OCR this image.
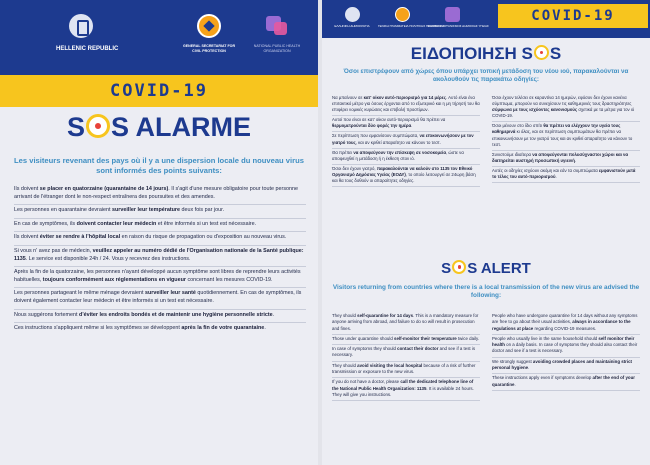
HELLENIC REPUBLIC	GENERAL SECRETARIAT FOR CIVIL PROTECTION
NATIONAL PUBLIC HEALTH ORGANIZATION
COVID-19
S S ALARME
Les visiteurs revenant des pays où il y a une dispersion locale du nouveau virus sont informés des points suivants:
Ils doivent se placer en quatorzaine (quarantaine de 14 jours). Il s'agit d'une mesure obligatoire pour toute personne arrivant de l'étranger dont le non-respect entraînera des poursuites et des amendes.
Les personnes en quarantaine devraient surveiller leur température deux fois par jour.
En cas de symptômes, ils doivent contacter leur médecin et être informés si un test est nécessaire.
Ils doivent éviter se rendre à l'hôpital local en raison du risque de propagation ou d'exposition au nouveau virus.
Si vous n' avez pas de médecin, veuillez appeler au numéro dédié de l'Organisation nationale de la Santé publique: 1135. Le service est disponible 24h / 24. Vous y recevrez des instructions.
Après la fin de la quatorzaine, les personnes n'ayant développé aucun symptôme sont libres de reprendre leurs activités habituelles, toujours conformément aux réglementations en vigueur concernant les mesures COVID-19.
Les personnes partageant le même ménage devraient surveiller leur santé quotidiennement. En cas de symptômes, ils doivent également contacter leur médecin et être informés si un test est nécessaire.
Nous suggérons fortement d'éviter les endroits bondés et de maintenir une hygiène personnelle stricte.
Ces instructions s'appliquent même si les symptômes se développent après la fin de votre quarantaine.
ΕΛΛΗΝΙΚΗ ΔΗΜΟΚΡΑΤΙΑ	ΓΕΝΙΚΗ ΓΡΑΜΜΑΤΕΙΑ ΠΟΛΙΤΙΚΗΣ ΠΡΟΣΤΑΣΙΑΣ
ΕΘΝΙΚΟΣ ΟΡΓΑΝΙΣΜΟΣ ΔΗΜΟΣΙΑΣ ΥΓΕΙΑΣ
COVID-19
ΕΙΔΟΠΟΙΗΣΗ S S
Όσοι επιστρέφουν από χώρες όπου υπάρχει τοπική μετάδοση του νέου ιού, παρακαλούνται να ακολουθούν τις παρακάτω οδηγίες:
Να μπαίνουν σε κατ' οίκον αυτό-περιορισμό για 14 μέρες. Αυτό είναι ένα επιτακτικό μέτρο για όσους έρχονται από το εξωτερικό και η μη τήρησή του θα επιφέρει νομικές κυρώσεις και επιβολή προστίμων.
Αυτοί που είναι σε κατ' οίκον αυτό-περιορισμό θα πρέπει να θερμομετρούνται δύο φορές την ημέρα.
Σε περίπτωση που εμφανίσουν συμπτώματα, να επικοινωνήσουν με τον γιατρό τους, και αν κριθεί απαραίτητο να κάνουν το τεστ.
Θα πρέπει να αποφεύγουν την επίσκεψη σε νοσοκομεία, ώστε να αποφευχθεί η μετάδοση ή η έκθεση στον ιό.
Όσοι δεν έχουν γιατρό, παρακαλούνται να καλούν στο 1135 τον Εθνικό Οργανισμό Δημόσιας Υγείας (ΕΟΔΥ), το οποίο λειτουργεί σε 24ωρη βάση και θα τους δοθούν οι απαραίτητες οδηγίες.
Όσοι έχουν τελέσει σε καραντίνα 14 ημερών, εφόσον δεν έχουν κανένα σύμπτωμα, μπορούν να συνεχίσουν τις καθημερινές τους δραστηριότητες σύμφωνα με τους ισχύοντες κανονισμούς σχετικά με τα μέτρα για τον ιό COVID-19.
Όσοι μένουν στο ίδιο σπίτι θα πρέπει να ελέγχουν την υγεία τους καθημερινά κι όλας, και σε περίπτωση συμπτωμάτων θα πρέπει να επικοινωνήσουν με τον γιατρό τους και αν κριθεί απαραίτητο να κάνουν το τεστ.
Συνιστούμε ιδιαίτερα να αποφεύγονται πολυσύχναστοι χώροι και να διατηρείται αυστηρή προσωπική υγιεινή.
Αυτές οι οδηγίες ισχύουν ακόμη και εάν τα συμπτώματα εμφανιστούν μετά το τέλος του αυτό-περιορισμού.
S S ALERT
Visitors returning from countries where there is a local transmission of the new virus are advised the following:
They should self-quarantine for 14 days. This is a mandatory measure for anyone arriving from abroad, and failure to do so will result in prosecution and fines.
Those under quarantine should self-monitor their temperature twice daily.
In case of symptoms they should contact their doctor and see if a test is necessary.
They should avoid visiting the local hospital because of a risk of further transmission or exposure to the new virus.
If you do not have a doctor, please call the dedicated telephone line of the National Public Health Organization: 1135. It is available 24 hours. They will give you instructions.
People who have undergone quarantine for 14 days without any symptoms are free to go about their usual activities, always in accordance to the regulations at place regarding COVID-19 measures.
People who usually live in the same household should self monitor their health on a daily basis. In case of symptoms they should also contact their doctor and see if a test is necessary.
We strongly suggest avoiding crowded places and maintaining strict personal hygiene.
These instructions apply even if symptoms develop after the end of your quarantine.
